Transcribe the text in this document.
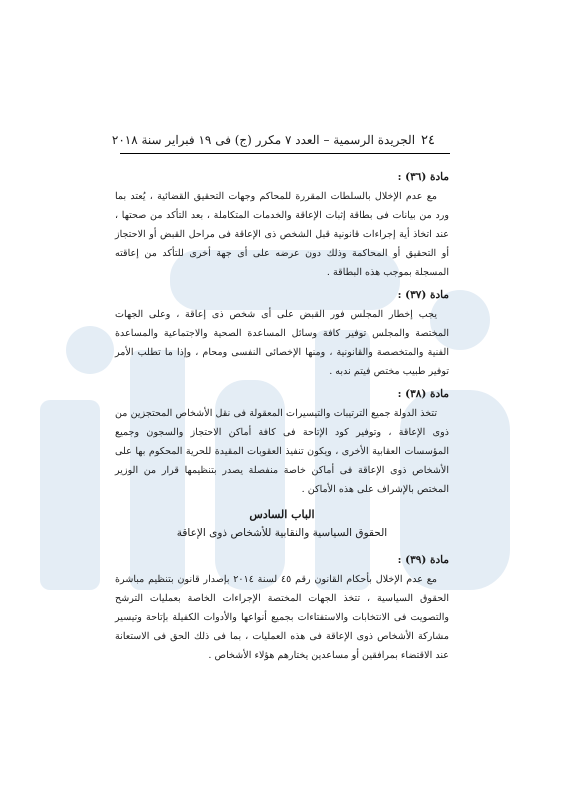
٢٤
الجريدة الرسمية – العدد ٧ مكرر (ج) فى ١٩ فبراير سنة ٢٠١٨
مادة (٣٦) :

مع عدم الإخلال بالسلطات المقررة للمحاكم وجهات التحقيق القضائية ، يُعتد بما ورد من بيانات فى بطاقة إثبات الإعاقة والخدمات المتكاملة ، بعد التأكد من صحتها ، عند اتخاذ أية إجراءات قانونية قبل الشخص ذى الإعاقة فى مراحل القبض أو الاحتجاز أو التحقيق أو المحاكمة وذلك دون عرضه على أى جهة أخرى للتأكد من إعاقته المسجلة بموجب هذه البطاقة .

مادة (٣٧) :

يجب إخطار المجلس فور القبض على أى شخص ذى إعاقة ، وعلى الجهات المختصة والمجلس توفير كافة وسائل المساعدة الصحية والاجتماعية والمساعدة الفنية والمتخصصة والقانونية ، ومنها الإخصائى النفسى ومحام ، وإذا ما تطلب الأمر توفير طبيب مختص فيتم ندبه .

مادة (٣٨) :

تتخذ الدولة جميع الترتيبات والتيسيرات المعقولة فى نقل الأشخاص المحتجزين من ذوى الإعاقة ، وتوفير كود الإتاحة فى كافة أماكن الاحتجاز والسجون وجميع المؤسسات العقابية الأخرى ، ويكون تنفيذ العقوبات المقيدة للحرية المحكوم بها على الأشخاص ذوى الإعاقة فى أماكن خاصة منفصلة يصدر بتنظيمها قرار من الوزير المختص بالإشراف على هذه الأماكن .

الباب السادس
الحقوق السياسية والنقابية للأشخاص ذوى الإعاقة
مادة (٣٩) :

مع عدم الإخلال بأحكام القانون رقم ٤٥ لسنة ٢٠١٤ بإصدار قانون بتنظيم مباشرة الحقوق السياسية ، تتخذ الجهات المختصة الإجراءات الخاصة بعمليات الترشح والتصويت فى الانتخابات والاستفتاءات بجميع أنواعها والأدوات الكفيلة بإتاحة وتيسير مشاركة الأشخاص ذوى الإعاقة فى هذه العمليات ، بما فى ذلك الحق فى الاستعانة عند الاقتضاء بمرافقين أو مساعدين يختارهم هؤلاء الأشخاص .
